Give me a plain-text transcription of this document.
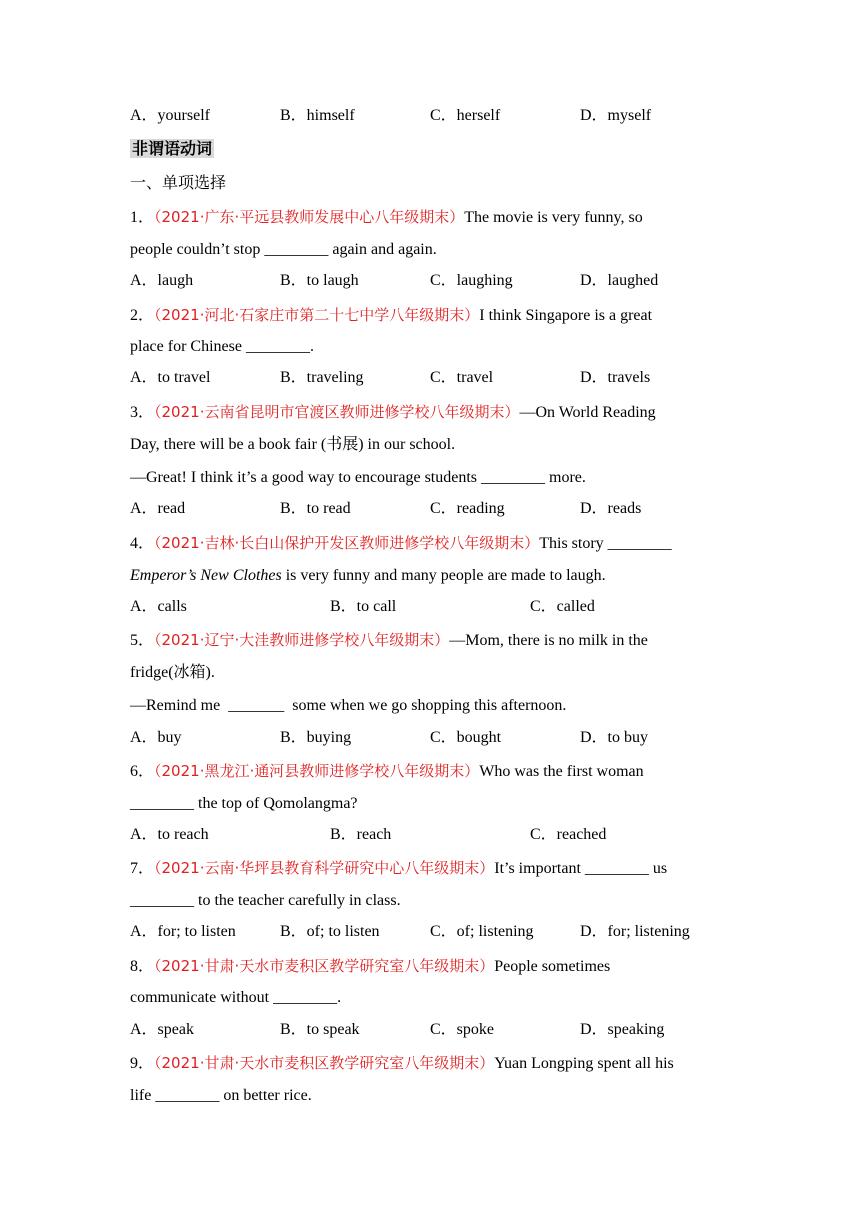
A．yourself	B．himself	C．herself	D．myself
非谓语动词
一、单项选择
1．（2021·广东·平远县教师发展中心八年级期末）The movie is very funny, so
people couldn’t stop ________ again and again.
A．laugh	B．to laugh	C．laughing	D．laughed
2．（2021·河北·石家庄市第二十七中学八年级期末）I think Singapore is a great
place for Chinese ________.
A．to travel	B．traveling	C．travel	D．travels
3．（2021·云南省昆明市官渡区教师进修学校八年级期末）—On World Reading
Day, there will be a book fair (书展) in our school.
—Great! I think it’s a good way to encourage students ________ more.
A．read	B．to read	C．reading	D．reads
4．（2021·吉林·长白山保护开发区教师进修学校八年级期末）This story ________
Emperor’s New Clothes is very funny and many people are made to laugh.
A．calls	B．to call	C．called
5．（2021·辽宁·大洼教师进修学校八年级期末）—Mom, there is no milk in the
fridge(冰箱).
—Remind me  _______  some when we go shopping this afternoon.
A．buy	B．buying	C．bought	D．to buy
6．（2021·黑龙江·通河县教师进修学校八年级期末）Who was the first woman
________ the top of Qomolangma?
A．to reach	B．reach	C．reached
7．（2021·云南·华坪县教育科学研究中心八年级期末）It’s important ________ us
________ to the teacher carefully in class.
A．for; to listen	B．of; to listen	C．of; listening	D．for; listening
8．（2021·甘肃·天水市麦积区教学研究室八年级期末）People sometimes
communicate without ________.
A．speak	B．to speak	C．spoke	D．speaking
9．（2021·甘肃·天水市麦积区教学研究室八年级期末）Yuan Longping spent all his
life ________ on better rice.
